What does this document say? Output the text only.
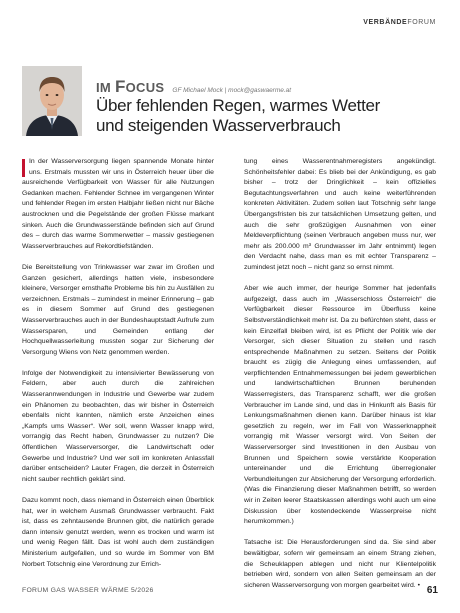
VERBÄNDEFORUM
IM FOCUS GF Michael Mock | mock@gaswaerme.at
Über fehlenden Regen, warmes Wetter
und steigenden Wasserverbrauch

In der Wasserversorgung liegen spannende Monate hinter uns. Erstmals mussten wir uns in Österreich heuer über die ausreichende Verfügbarkeit von Wasser für alle Nutzungen Gedanken machen. Fehlender Schnee im vergangenen Winter und fehlender Regen im ersten Halbjahr ließen nicht nur Bäche austrocknen und die Pegelstände der großen Flüsse markant sinken. Auch die Grundwasserstände befinden sich auf Grund des – durch das warme Sommerwetter – massiv gestiegenen Wasserverbrauches auf Rekordtiefständen.

Die Bereitstellung von Trinkwasser war zwar im Großen und Ganzen gesichert, allerdings hatten viele, insbesondere kleinere, Versorger ernsthafte Probleme bis hin zu Ausfällen zu verzeichnen. Erstmals – zumindest in meiner Erinnerung – gab es in diesem Sommer auf Grund des gestiegenen Wasserverbrauches auch in der Bundeshauptstadt Aufrufe zum Wassersparen, und Gemeinden entlang der Hochquellwasserleitung mussten sogar zur Sicherung der Versorgung Wiens von Netz genommen werden.

Infolge der Notwendigkeit zu intensivierter Bewässerung von Feldern, aber auch durch die zahlreichen Wasserannwendungen in Industrie und Gewerbe war zudem ein Phänomen zu beobachten, das wir bisher in Österreich ebenfalls nicht kannten, nämlich erste Anzeichen eines „Kampfs ums Wasser“. Wer soll, wenn Wasser knapp wird, vorrangig das Recht haben, Grundwasser zu nutzen? Die öffentlichen Wasserversorger, die Landwirtschaft oder Gewerbe und Industrie? Und wer soll im konkreten Anlassfall darüber entscheiden? Lauter Fragen, die derzeit in Österreich nicht sauber rechtlich geklärt sind.

Dazu kommt noch, dass niemand in Österreich einen Überblick hat, wer in welchem Ausmaß Grundwasser verbraucht. Fakt ist, dass es zehntausende Brunnen gibt, die natürlich gerade dann intensiv genutzt werden, wenn es trocken und warm ist und wenig Regen fällt. Das ist wohl auch dem zuständigen Ministerium aufgefallen, und so wurde im Sommer von BM Norbert Totschnig eine Verordnung zur Errich-

tung eines Wasserentnahmeregisters angekündigt. Schönheitsfehler dabei: Es blieb bei der Ankündigung, es gab bisher – trotz der Dringlichkeit – kein offizielles Begutachtungsverfahren und auch keine weiterführenden konkreten Aktivitäten. Zudem sollen laut Totschnig sehr lange Übergangsfristen bis zur tatsächlichen Umsetzung gelten, und auch die sehr großzügigen Ausnahmen von einer Meldeverpflichtung (seinen Verbrauch angeben muss nur, wer mehr als 200.000 m³ Grundwasser im Jahr entnimmt) legen den Verdacht nahe, dass man es mit echter Transparenz – zumindest jetzt noch – nicht ganz so ernst nimmt.

Aber wie auch immer, der heurige Sommer hat jedenfalls aufgezeigt, dass auch im „Wasserschloss Österreich“ die Verfügbarkeit dieser Ressource im Überfluss keine Selbstverständlichkeit mehr ist. Da zu befürchten steht, dass er kein Einzelfall bleiben wird, ist es Pflicht der Politik wie der Versorger, sich dieser Situation zu stellen und rasch entsprechende Maßnahmen zu setzen. Seitens der Politik braucht es zügig die Anlegung eines umfassenden, auf verpflichtenden Entnahmemessungen bei jedem gewerblichen und landwirtschaftlichen Brunnen beruhenden Wasserregisters, das Transparenz schafft, wer die großen Verbraucher im Lande sind, und das in Hinkunft als Basis für Lenkungsmaßnahmen dienen kann. Darüber hinaus ist klar gesetzlich zu regeln, wer im Fall von Wasserknappheit vorrangig mit Wasser versorgt wird. Von Seiten der Wasserversorger sind Investitionen in den Ausbau von Brunnen und Speichern sowie verstärkte Kooperation untereinander und die Errichtung überregionaler Verbundleitungen zur Absicherung der Versorgung erforderlich. (Was die Finanzierung dieser Maßnahmen betrifft, so werden wir in Zeiten leerer Staatskassen allerdings wohl auch um eine Diskussion über kostendeckende Wasserpreise nicht herumkommen.)

Tatsache ist: Die Herausforderungen sind da. Sie sind aber bewältigbar, sofern wir gemeinsam an einem Strang ziehen, die Scheuklappen ablegen und nicht nur Klientelpolitik betrieben wird, sondern von allen Seiten gemeinsam an der sicheren Wasserversorgung von morgen gearbeitet wird. •

FORUM GAS WASSER WÄRME 5/2026	61
